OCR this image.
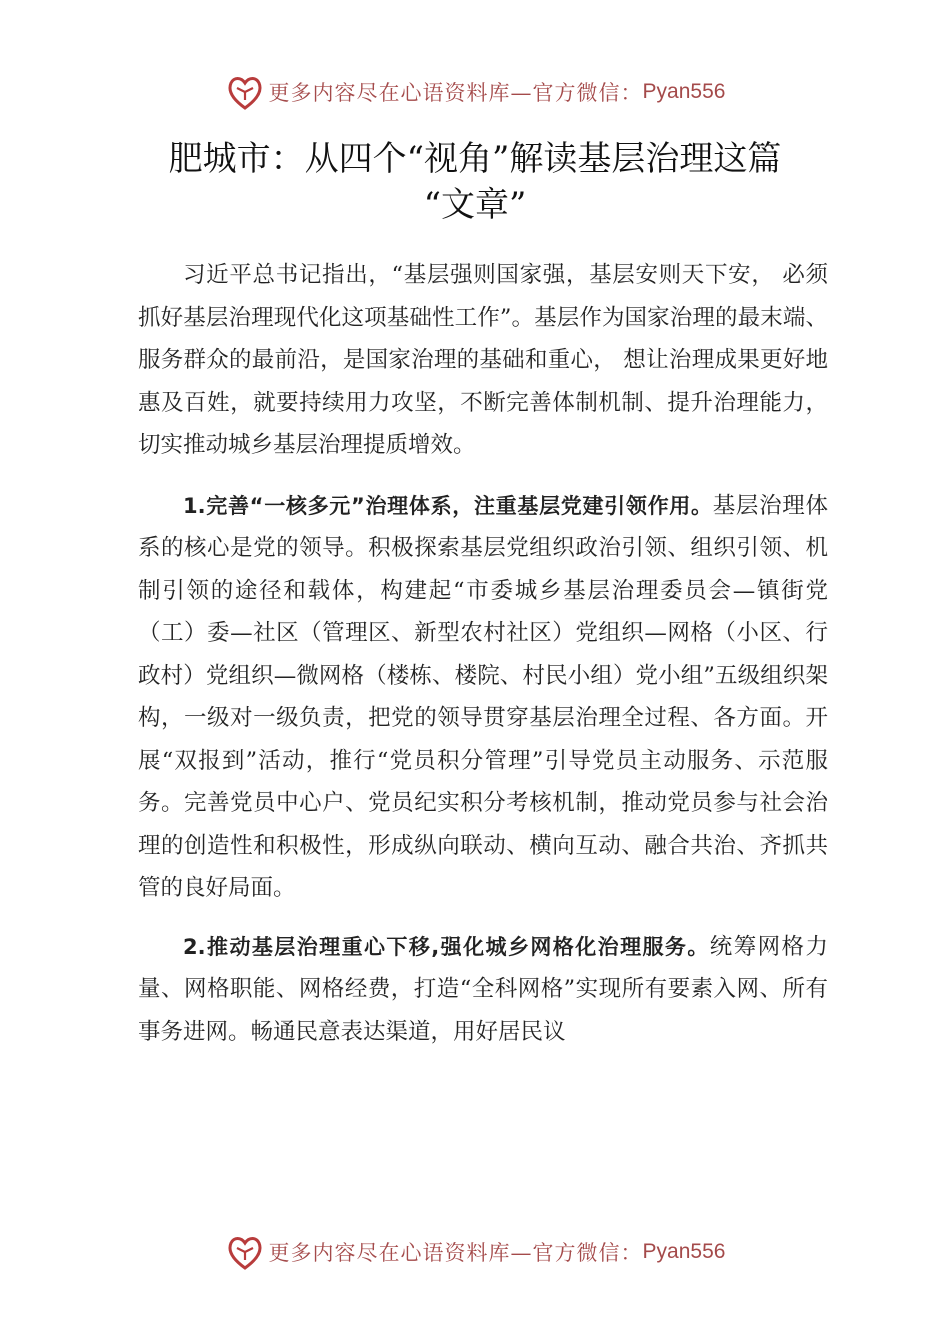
更多内容尽在心语资料库—官方微信： Pyan556
肥城市：从四个“视角”解读基层治理这篇
“文章”

习近平总书记指出，“基层强则国家强，基层安则天下安， 必须抓好基层治理现代化这项基础性工作”。基层作为国家治理的最末端、服务群众的最前沿，是国家治理的基础和重心， 想让治理成果更好地惠及百姓，就要持续用力攻坚，不断完善体制机制、提升治理能力，切实推动城乡基层治理提质增效。

1.完善“一核多元”治理体系，注重基层党建引领作用。基层治理体系的核心是党的领导。积极探索基层党组织政治引领、组织引领、机制引领的途径和载体，构建起“市委城乡基层治理委员会—镇街党（工）委—社区（管理区、新型农村社区）党组织—网格（小区、行政村）党组织—微网格（楼栋、楼院、村民小组）党小组”五级组织架构，一级对一级负责，把党的领导贯穿基层治理全过程、各方面。开展“双报到”活动，推行“党员积分管理”引导党员主动服务、示范服务。完善党员中心户、党员纪实积分考核机制，推动党员参与社会治理的创造性和积极性，形成纵向联动、横向互动、融合共治、齐抓共管的良好局面。

2.推动基层治理重心下移,强化城乡网格化治理服务。统筹网格力量、网格职能、网格经费，打造“全科网格”实现所有要素入网、所有事务进网。畅通民意表达渠道，用好居民议

更多内容尽在心语资料库—官方微信： Pyan556
